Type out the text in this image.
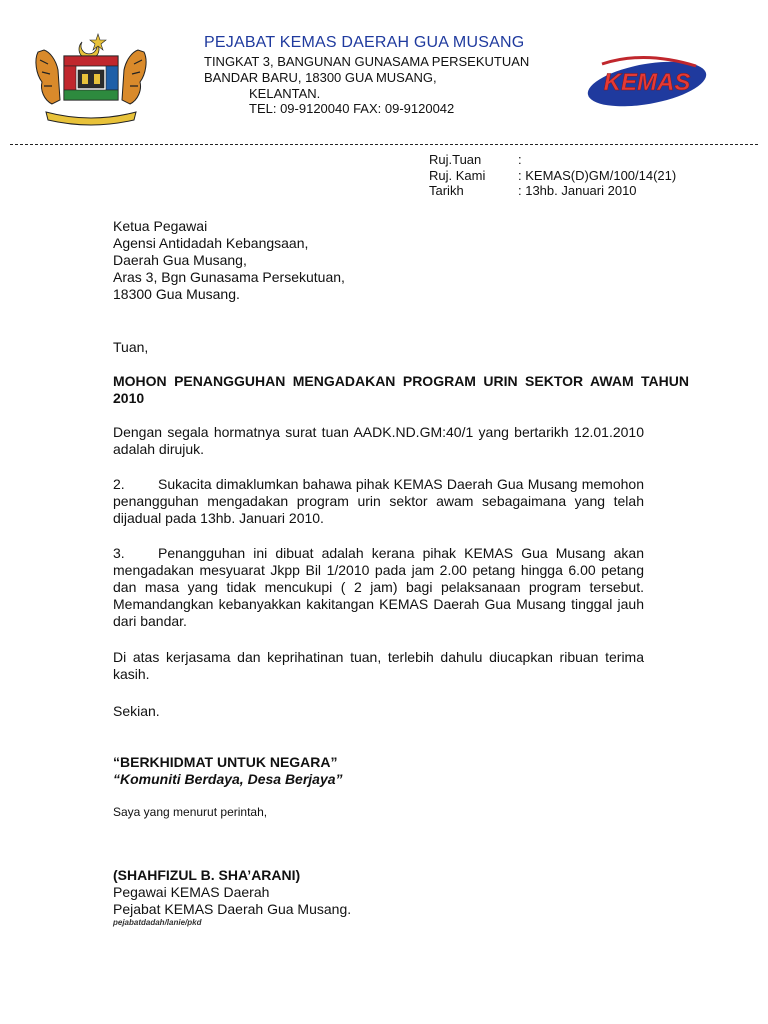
PEJABAT KEMAS DAERAH GUA MUSANG
TINGKAT 3, BANGUNAN GUNASAMA PERSEKUTUAN
BANDAR BARU, 18300 GUA MUSANG,
KELANTAN.
TEL: 09-9120040 FAX: 09-9120042
KEMAS
Ruj.Tuan	:
Ruj. Kami	: KEMAS(D)GM/100/14(21)
Tarikh	: 13hb. Januari 2010
Ketua Pegawai
Agensi Antidadah Kebangsaan,
Daerah Gua Musang,
Aras 3, Bgn Gunasama Persekutuan,
18300 Gua Musang.
Tuan,
MOHON PENANGGUHAN MENGADAKAN PROGRAM URIN SEKTOR AWAM TAHUN 2010
Dengan segala hormatnya surat tuan AADK.ND.GM:40/1 yang bertarikh 12.01.2010 adalah dirujuk.
2. Sukacita dimaklumkan bahawa pihak KEMAS Daerah Gua Musang memohon penangguhan mengadakan program urin sektor awam sebagaimana yang telah dijadual pada 13hb. Januari 2010.
3. Penangguhan ini dibuat adalah kerana pihak KEMAS Gua Musang akan mengadakan mesyuarat Jkpp Bil 1/2010 pada jam 2.00 petang hingga 6.00 petang dan masa yang tidak mencukupi ( 2 jam) bagi pelaksanaan program tersebut. Memandangkan kebanyakkan kakitangan KEMAS Daerah Gua Musang tinggal jauh dari bandar.
Di atas kerjasama dan keprihatinan tuan, terlebih dahulu diucapkan ribuan terima kasih.
Sekian.
“BERKHIDMAT UNTUK NEGARA”
“Komuniti Berdaya, Desa Berjaya”
Saya yang menurut perintah,
(SHAHFIZUL B. SHA’ARANI)
Pegawai KEMAS Daerah
Pejabat KEMAS Daerah Gua Musang.
pejabatdadah/lanie/pkd
